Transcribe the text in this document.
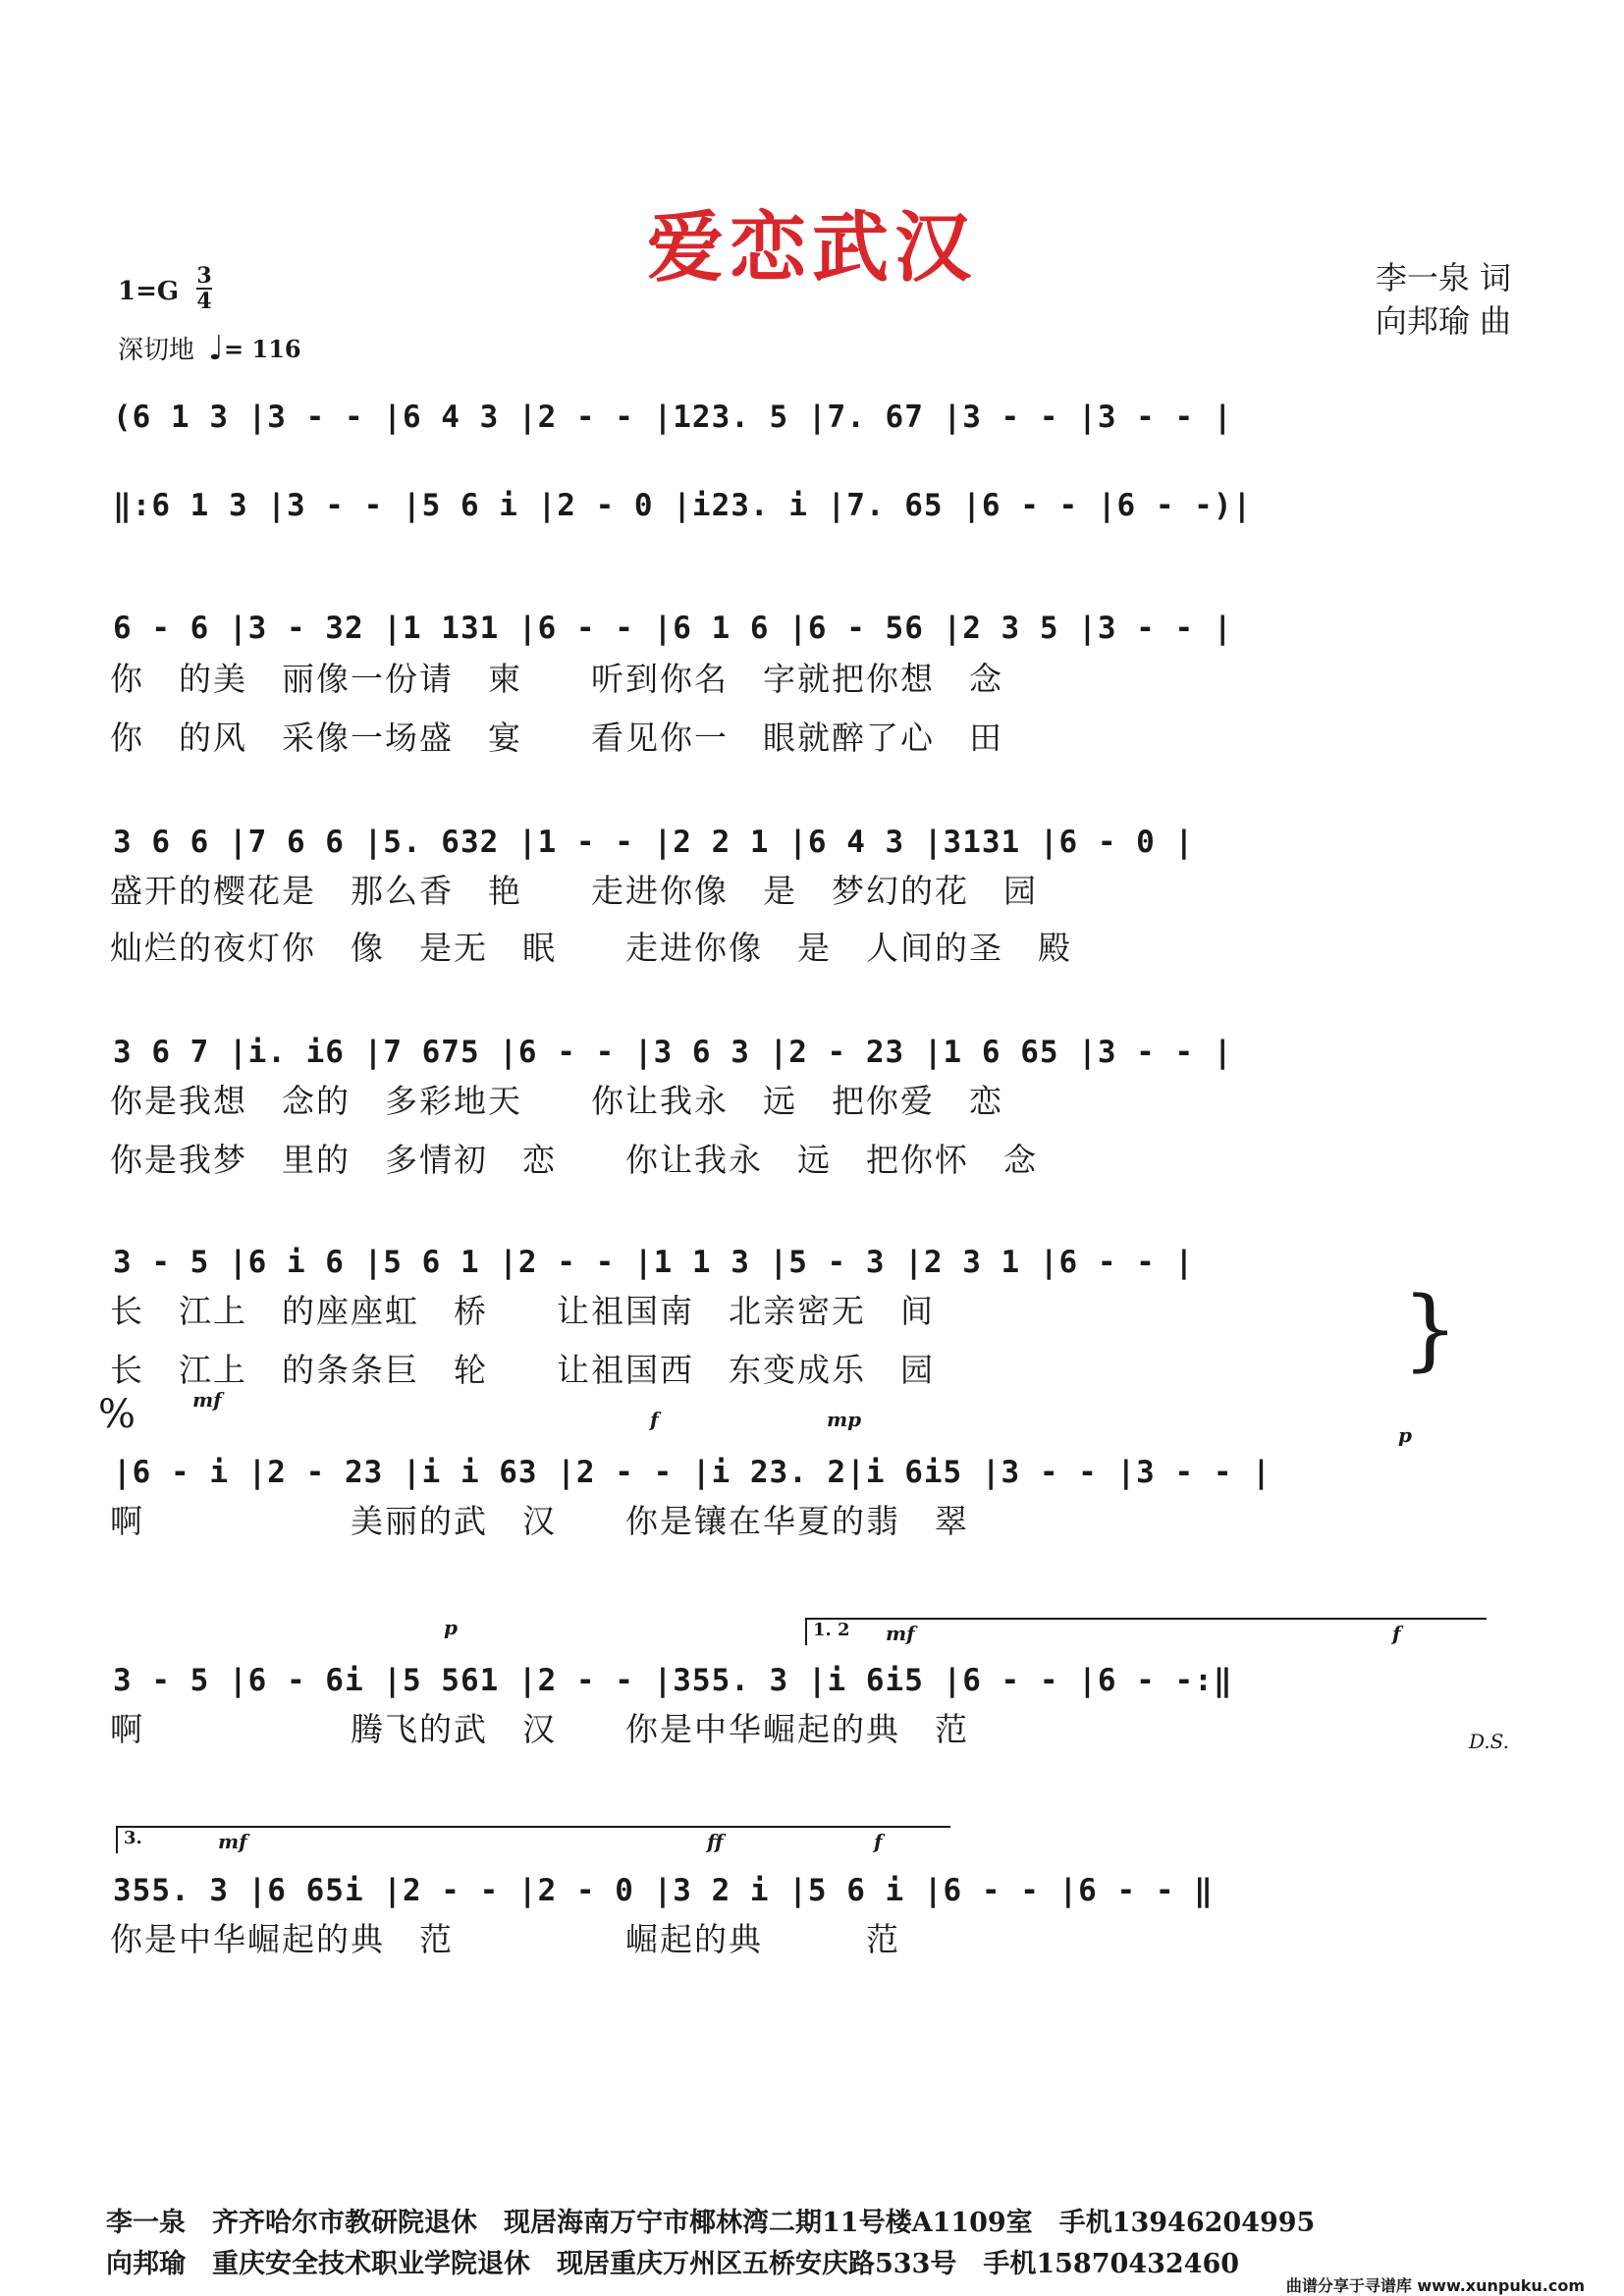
爱恋武汉	李一泉 词
向邦瑜 曲
1=G
3
4
深切地 ♩= 116
(6 1 3 |3 - - |6 4 3 |2 - - |123. 5 |7. 67 |3 - - |3 - - |
‖:6 1 3 |3 - - |5 6 i |2 - 0 |i23. i |7. 65 |6 - - |6 - -)|
6 - 6 |3 - 32 |1 131 |6 - - |6 1 6 |6 - 56 |2 3 5 |3 - - |
你　的美　丽像一份请　柬　　听到你名　字就把你想　念
你　的风　采像一场盛　宴　　看见你一　眼就醉了心　田
3 6 6 |7 6 6 |5. 632 |1 - - |2 2 1 |6 4 3 |3131 |6 - 0 |
盛开的樱花是　那么香　艳　　走进你像　是　梦幻的花　园
灿烂的夜灯你　像　是无　眠　　走进你像　是　人间的圣　殿
3 6 7 |i. i6 |7 675 |6 - - |3 6 3 |2 - 23 |1 6 65 |3 - - |
你是我想　念的　多彩地天　　你让我永　远　把你爱　恋
你是我梦　里的　多情初　恋　　你让我永　远　把你怀　念
3 - 5 |6 i 6 |5 6 1 |2 - - |1 1 3 |5 - 3 |2 3 1 |6 - - |
长　江上　的座座虹　桥　　让祖国南　北亲密无　间
长　江上　的条条巨　轮　　让祖国西　东变成乐　园	}
%	mf
f	mp
p
|6 - i |2 - 23 |i i 63 |2 - - |i 23. 2|i 6i5 |3 - - |3 - - |
啊　　　　　　美丽的武　汉　　你是镶在华夏的翡　翠
p	1. 2	mf	f
3 - 5 |6 - 6i |5 561 |2 - - |355. 3 |i 6i5 |6 - - |6 - -:‖
啊　　　　　　腾飞的武　汉　　你是中华崛起的典　范	D.S.
3.	mf	ff	f
355. 3 |6 65i |2 - - |2 - 0 |3 2 i |5 6 i |6 - - |6 - - ‖
你是中华崛起的典　范　　　　　崛起的典　　　范
李一泉　齐齐哈尔市教研院退休　现居海南万宁市椰林湾二期11号楼A1109室　手机13946204995
向邦瑜　重庆安全技术职业学院退休　现居重庆万州区五桥安庆路533号　手机15870432460
曲谱分享于寻谱库 www.xunpuku.com
